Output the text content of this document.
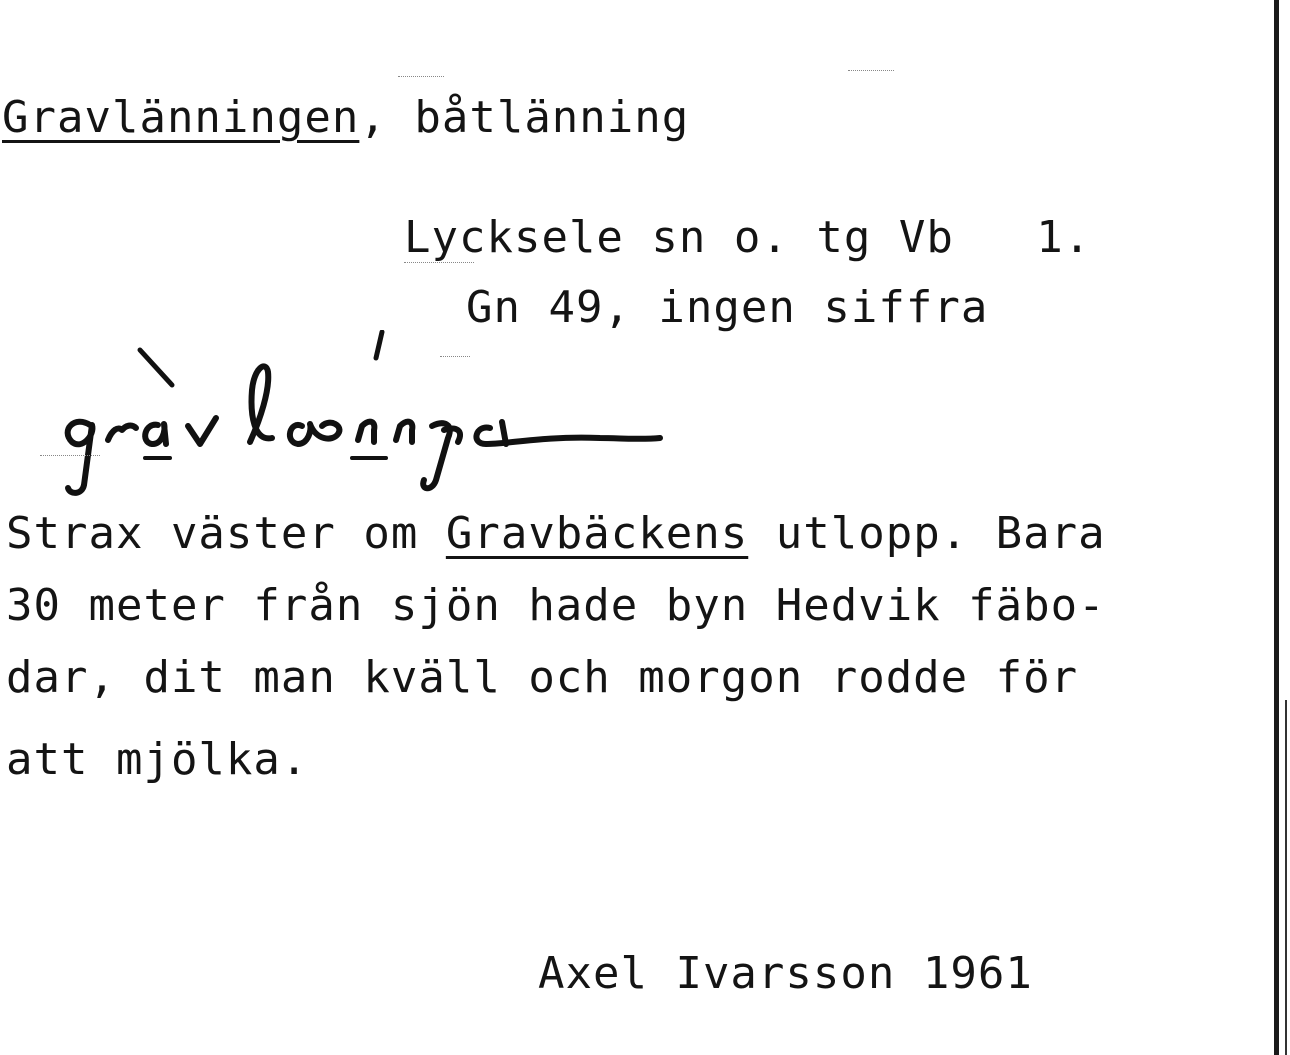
Gravlänningen, båtlänning
Lycksele sn o. tg Vb   1.
Gn 49, ingen siffra
Strax väster om Gravbäckens utlopp. Bara
30 meter från sjön hade byn Hedvik fäbo-
dar, dit man kväll och morgon rodde för
att mjölka.
Axel Ivarsson 1961
